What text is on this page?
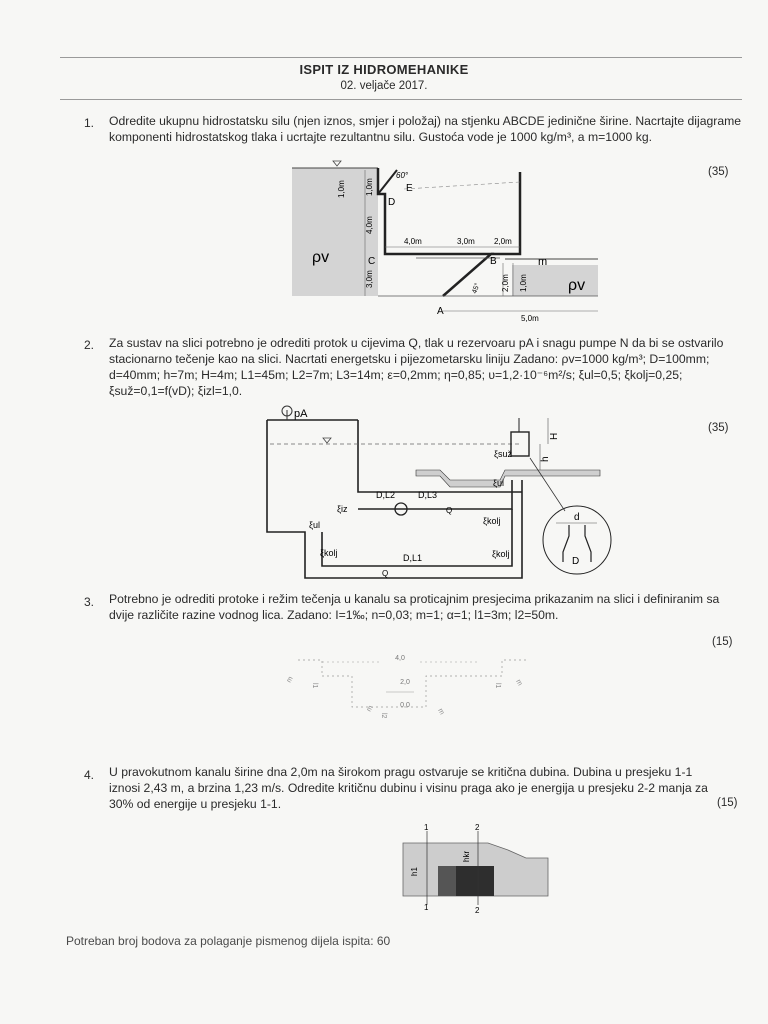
ISPIT IZ HIDROMEHANIKE
02. veljače 2017.
1. Odredite ukupnu hidrostatsku silu (njen iznos, smjer i položaj) na stjenku ABCDE jedinične širine. Nacrtajte dijagrame komponenti hidrostatskog tlaka i ucrtajte rezultantnu silu. Gustoća vode je 1000 kg/m³, a m=1000 kg.
(35)
60°
E
D
1,0m 1,0m
4,0m
4,0m	3,0m 2,0m
B	m
C
ρv
ρv
3,0m
45° 2,0m 1,0m
A
5,0m
2. Za sustav na slici potrebno je odrediti protok u cijevima Q, tlak u rezervoaru pA i snagu pumpe N da bi se ostvarilo stacionarno tečenje kao na slici. Nacrtati energetsku i pijezometarsku liniju Zadano: ρv=1000 kg/m³; D=100mm; d=40mm; h=7m; H=4m; L1=45m; L2=7m; L3=14m; ε=0,2mm; η=0,85; υ=1,2·10⁻⁶m²/s; ξul=0,5; ξkolj=0,25; ξsuž=0,1=f(vD); ξizl=1,0.
(35)
pA
H
h
ξsuž
ξul
D,L2	D,L3
ξiz	Q
ξkolj
ξul
ξkolj	D,L1	ξkolj
Q
d
D
3. Potrebno je odrediti protoke i režim tečenja u kanalu sa proticajnim presjecima prikazanim na slici i definiranim sa dvije različite razine vodnog lica. Zadano: I=1‰; n=0,03; m=1; α=1; l1=3m; l2=50m.
(15)
4,0
2,0
0,0
m	m
l1	l1
m	m
l2
4. U pravokutnom kanalu širine dna 2,0m na širokom pragu ostvaruje se kritična dubina. Dubina u presjeku 1-1 iznosi 2,43 m, a brzina 1,23 m/s. Odredite kritičnu dubinu i visinu praga ako je energija u presjeku 2-2 manja za 30% od energije u presjeku 1-1.	(15)
1	2
h1
hkr
1	2
Potreban broj bodova za polaganje pismenog dijela ispita: 60
